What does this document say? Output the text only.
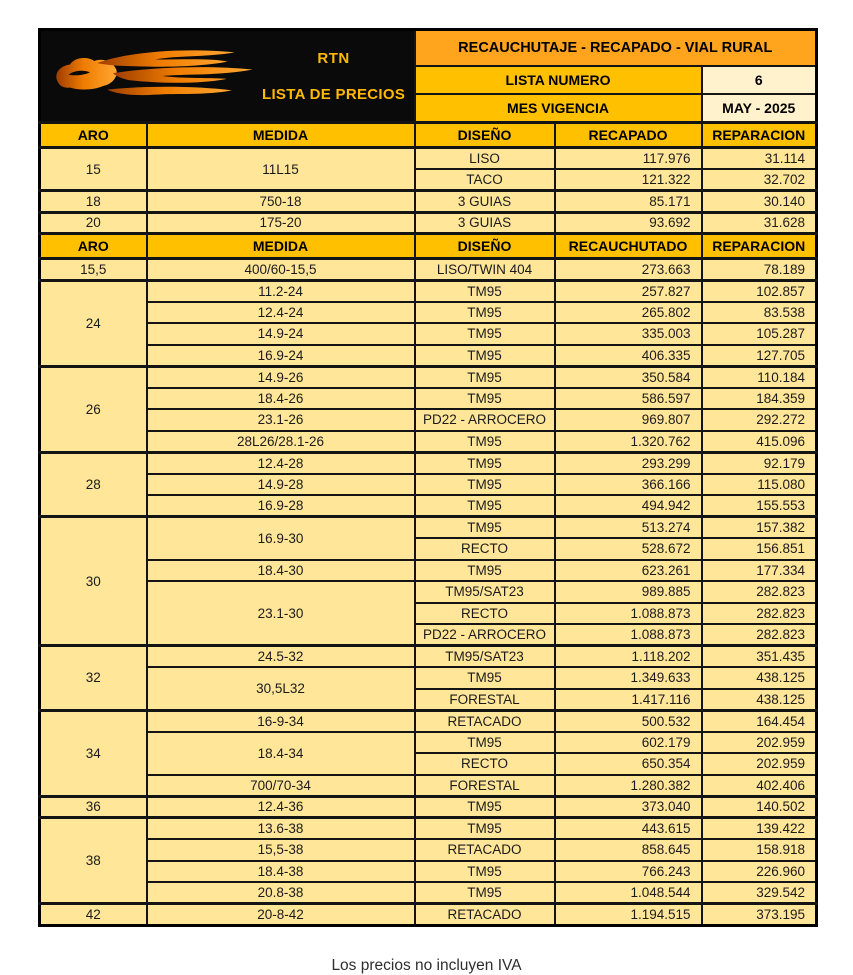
RTN
LISTA DE PRECIOS		RECAUCHUTAJE - RECAPADO - VIAL RURAL		
		LISTA NUMERO		6
		MES VIGENCIA		MAY - 2025
ARO	MEDIDA	DISEÑO	RECAPADO	REPARACION
15	11L15	LISO	117.976	31.114
		TACO	121.322	32.702
18	750-18	3 GUIAS	85.171	30.140
20	175-20	3 GUIAS	93.692	31.628
ARO	MEDIDA	DISEÑO	RECAUCHUTADO	REPARACION
15,5	400/60-15,5	LISO/TWIN 404	273.663	78.189
24	11.2-24	TM95	257.827	102.857
	12.4-24	TM95	265.802	83.538
	14.9-24	TM95	335.003	105.287
	16.9-24	TM95	406.335	127.705
26	14.9-26	TM95	350.584	110.184
	18.4-26	TM95	586.597	184.359
	23.1-26	PD22 - ARROCERO	969.807	292.272
	28L26/28.1-26	TM95	1.320.762	415.096
28	12.4-28	TM95	293.299	92.179
	14.9-28	TM95	366.166	115.080
	16.9-28	TM95	494.942	155.553
30	16.9-30	TM95	513.274	157.382
		RECTO	528.672	156.851
	18.4-30	TM95	623.261	177.334
	23.1-30	TM95/SAT23	989.885	282.823
		RECTO	1.088.873	282.823
		PD22 - ARROCERO	1.088.873	282.823
32	24.5-32	TM95/SAT23	1.118.202	351.435
	30,5L32	TM95	1.349.633	438.125
		FORESTAL	1.417.116	438.125
34	16-9-34	RETACADO	500.532	164.454
	18.4-34	TM95	602.179	202.959
		RECTO	650.354	202.959
	700/70-34	FORESTAL	1.280.382	402.406
36	12.4-36	TM95	373.040	140.502
38	13.6-38	TM95	443.615	139.422
	15,5-38	RETACADO	858.645	158.918
	18.4-38	TM95	766.243	226.960
	20.8-38	TM95	1.048.544	329.542
42	20-8-42	RETACADO	1.194.515	373.195
Los precios no incluyen IVA
